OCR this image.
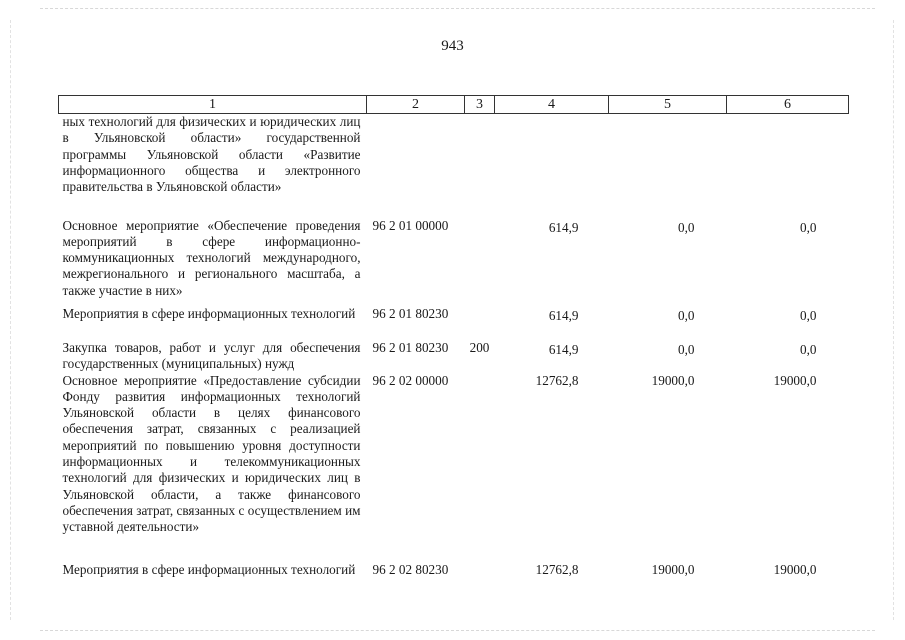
943
1	2	3	4	5	6
ных технологий для физических и юридических лиц в Ульяновской области» государственной программы Ульяновской области «Развитие информационного общества и электронного правительства в Ульяновской области»					
Основное мероприятие «Обеспечение проведения мероприятий в сфере информационно-коммуникационных технологий международного, межрегионального и регионального масштаба, а также участие в них»	96 2 01 00000		614,9	0,0	0,0
Мероприятия в сфере информационных технологий	96 2 01 80230		614,9	0,0	0,0
Закупка товаров, работ и услуг для обеспечения государственных (муниципальных) нужд	96 2 01 80230	200	614,9	0,0	0,0
Основное мероприятие «Предоставление субсидии Фонду развития информационных технологий Ульяновской области в целях финансового обеспечения затрат, связанных с реализацией мероприятий по повышению уровня доступности информационных и телекоммуникационных технологий для физических и юридических лиц в Ульяновской области, а также финансового обеспечения затрат, связанных с осуществлением им уставной деятельности»	96 2 02 00000		12762,8	19000,0	19000,0
Мероприятия в сфере информационных технологий	96 2 02 80230		12762,8	19000,0	19000,0
